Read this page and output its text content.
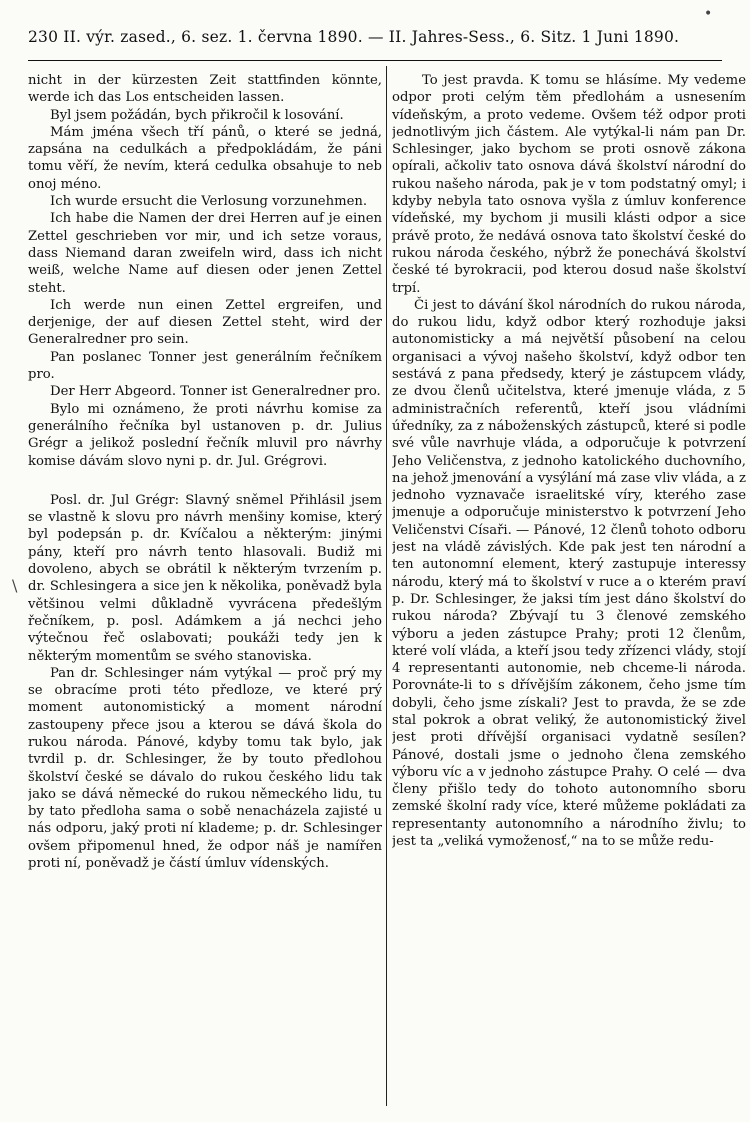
230 II. výr. zased., 6. sez. 1. června 1890. — II. Jahres-Sess., 6. Sitz. 1 Juni 1890.
•
\

nicht in der kürzesten Zeit stattfinden könnte, werde ich das Los entscheiden lassen.

Byl jsem požádán, bych přikročil k losování.

Mám jména všech tří pánů, o které se jedná, zapsána na cedulkách a předpokládám, že páni tomu věří, že nevím, která cedulka obsahuje to neb onoj méno.

Ich wurde ersucht die Verlosung vorzunehmen.

Ich habe die Namen der drei Herren auf je einen Zettel geschrieben vor mir, und ich setze voraus, dass Niemand daran zweifeln wird, dass ich nicht weiß, welche Name auf diesen oder jenen Zettel steht.

Ich werde nun einen Zettel ergreifen, und derjenige, der auf diesen Zettel steht, wird der Generalredner pro sein.

Pan poslanec Tonner jest generálním řečníkem pro.

Der Herr Abgeord. Tonner ist Generalredner pro.

Bylo mi oznámeno, že proti návrhu komise za generálního řečníka byl ustanoven p. dr. Julius Grégr a jelikož poslední řečník mluvil pro návrhy komise dávám slovo nyni p. dr. Jul. Grégrovi.

Posl. dr. Jul Grégr: Slavný sněmel Přihlásil jsem se vlastně k slovu pro návrh menšiny komise, který byl podepsán p. dr. Kvíčalou a některým: jinými pány, kteří pro návrh tento hlasovali. Budiž mi dovoleno, abych se obrátil k některým tvrzením p. dr. Schlesingera a sice jen k několika, poněvadž byla většinou velmi důkladně vyvrácena předešlým řečníkem, p. posl. Adámkem a já nechci jeho výtečnou řeč oslabovati; poukáži tedy jen k některým momentům se svého stanoviska.

Pan dr. Schlesinger nám vytýkal — proč prý my se obracíme proti této předloze, ve které prý moment autonomistický a moment národní zastoupeny přece jsou a kterou se dává škola do rukou národa. Pánové, kdyby tomu tak bylo, jak tvrdil p. dr. Schlesinger, že by touto předlohou školství české se dávalo do rukou českého lidu tak jako se dává německé do rukou německého lidu, tu by tato předloha sama o sobě nenacházela zajisté u nás odporu, jaký proti ní klademe; p. dr. Schlesinger ovšem připomenul hned, že odpor náš je namířen proti ní, poněvadž je částí úmluv vídenských.

To jest pravda. K tomu se hlásíme. My vedeme odpor proti celým těm předlohám a usnesením vídeňským, a proto vedeme. Ovšem též odpor proti jednotlivým jich částem. Ale vytýkal-li nám pan Dr. Schlesinger, jako bychom se proti osnově zákona opírali, ačkoliv tato osnova dává školství národní do rukou našeho národa, pak je v tom podstatný omyl; i kdyby nebyla tato osnova vyšla z úmluv konference vídeňské, my bychom ji musili klásti odpor a sice právě proto, že nedává osnova tato školství české do rukou národa českého, nýbrž že ponechává školství české té byrokracii, pod kterou dosud naše školství trpí.

Či jest to dávání škol národních do rukou národa, do rukou lidu, když odbor který rozhoduje jaksi autonomisticky a má největší působení na celou organisaci a vývoj našeho školství, když odbor ten sestává z pana předsedy, který je zástupcem vlády, ze dvou členů učitelstva, které jmenuje vláda, z 5 administračních referentů, kteří jsou vládními úředníky, za z náboženských zástupců, které si podle své vůle navrhuje vláda, a odporučuje k potvrzení Jeho Veličenstva, z jednoho katolického duchovního, na jehož jmenování a vysýlání má zase vliv vláda, a z jednoho vyznavače israelitské víry, kterého zase jmenuje a odporučuje ministerstvo k potvrzení Jeho Veličenstvi Císaři. — Pánové, 12 členů tohoto odboru jest na vládě závislých. Kde pak jest ten národní a ten autonomní element, který zastupuje interessy národu, který má to školství v ruce a o kterém praví p. Dr. Schlesinger, že jaksi tím jest dáno školství do rukou národa? Zbývají tu 3 členové zemského výboru a jeden zástupce Prahy; proti 12 členům, které volí vláda, a kteří jsou tedy zřízenci vlády, stojí 4 representanti autonomie, neb chceme-li národa. Porovnáte-li to s dřívějším zákonem, čeho jsme tím dobyli, čeho jsme získali? Jest to pravda, že se zde stal pokrok a obrat veliký, že autonomistický živel jest proti dřívější organisaci vydatně sesílen? Pánové, dostali jsme o jednoho člena zemského výboru víc a v jednoho zástupce Prahy. O celé — dva členy přišlo tedy do tohoto autonomního sboru zemské školní rady více, které můžeme pokládati za representanty autonomního a národního živlu; to jest ta „veliká vymoženosť,“ na to se může redu-
